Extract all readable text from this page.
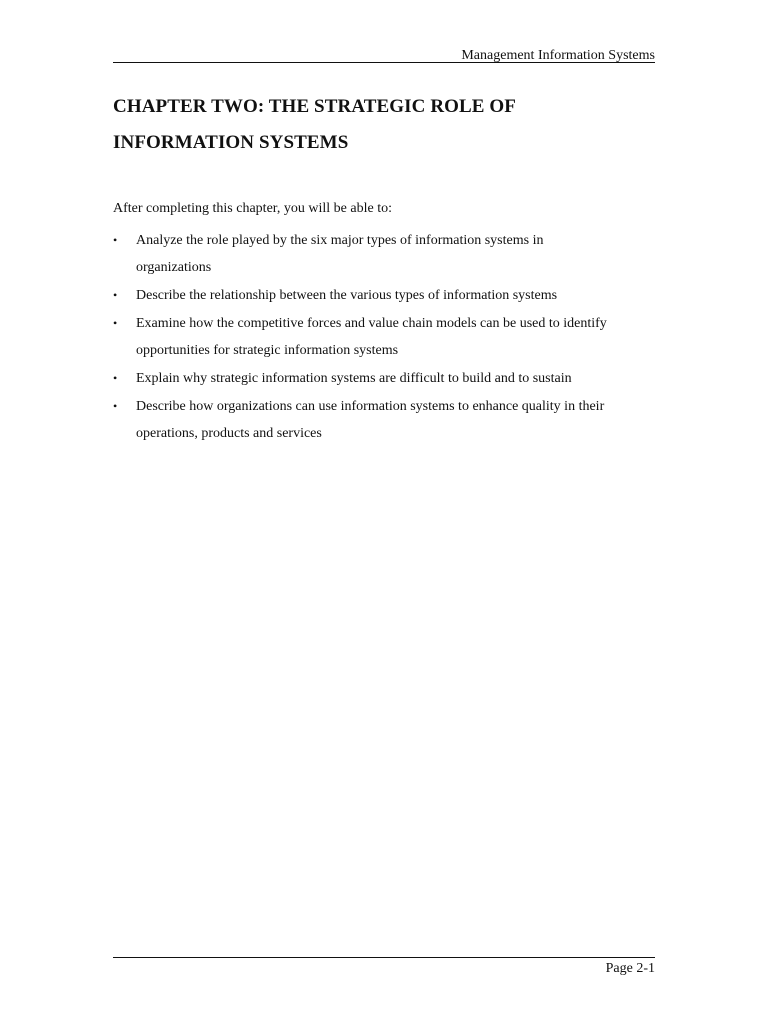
Management Information Systems
CHAPTER TWO: THE STRATEGIC ROLE OF
INFORMATION SYSTEMS
After completing this chapter, you will be able to:
• Analyze the role played by the six major types of information systems in
organizations
• Describe the relationship between the various types of information systems
• Examine how the competitive forces and value chain models can be used to identify
opportunities for strategic information systems
• Explain why strategic information systems are difficult to build and to sustain
• Describe how organizations can use information systems to enhance quality in their
operations, products and services
Page 2-1
